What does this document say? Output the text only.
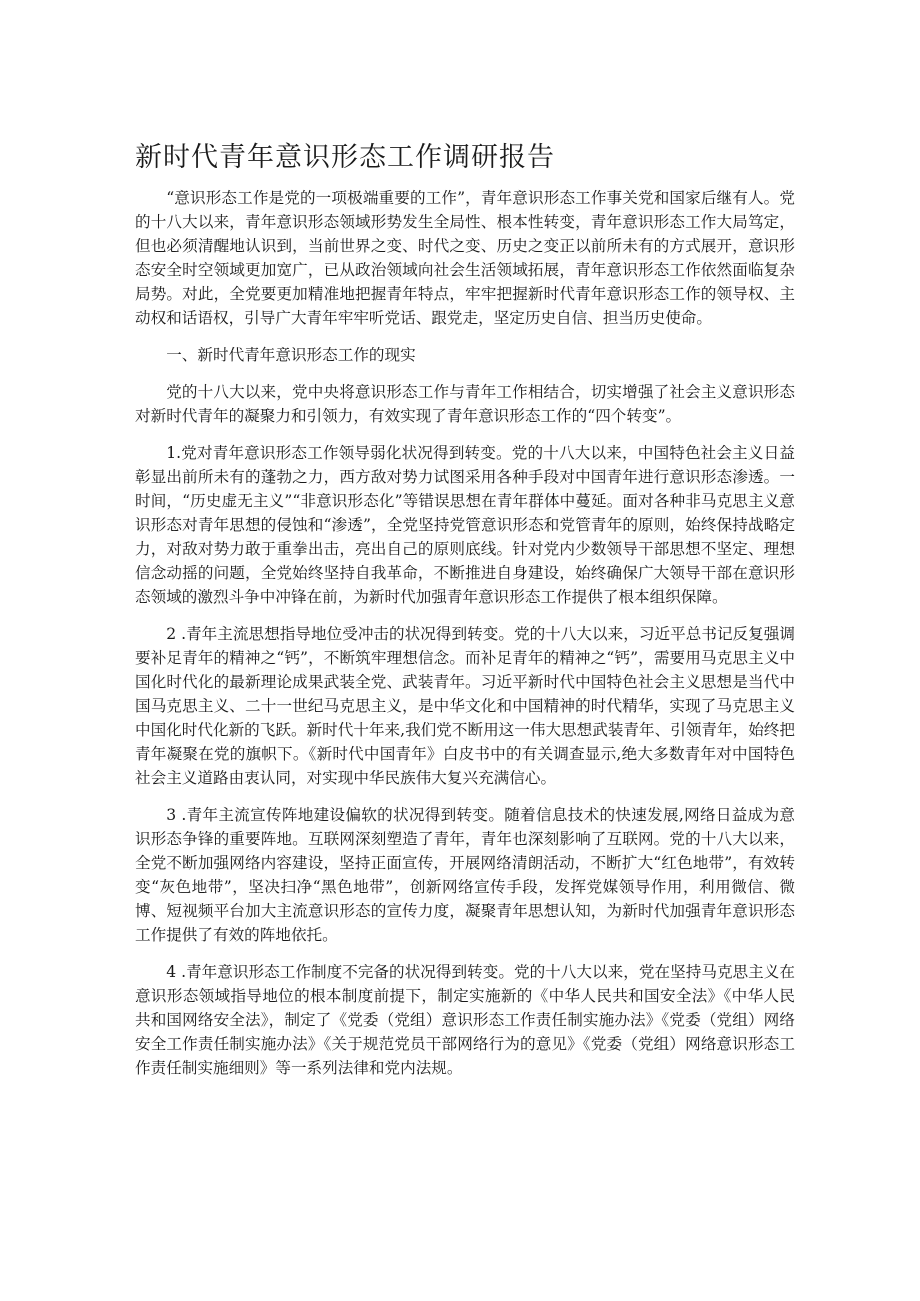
新时代青年意识形态工作调研报告

“意识形态工作是党的一项极端重要的工作”，青年意识形态工作事关党和国家后继有人。党的十八大以来，青年意识形态领域形势发生全局性、根本性转变，青年意识形态工作大局笃定，但也必须清醒地认识到，当前世界之变、时代之变、历史之变正以前所未有的方式展开，意识形态安全时空领域更加宽广，已从政治领域向社会生活领域拓展，青年意识形态工作依然面临复杂局势。对此，全党要更加精准地把握青年特点，牢牢把握新时代青年意识形态工作的领导权、主动权和话语权，引导广大青年牢牢听党话、跟党走，坚定历史自信、担当历史使命。

一、新时代青年意识形态工作的现实

党的十八大以来，党中央将意识形态工作与青年工作相结合，切实增强了社会主义意识形态对新时代青年的凝聚力和引领力，有效实现了青年意识形态工作的“四个转变”。

1.党对青年意识形态工作领导弱化状况得到转变。党的十八大以来，中国特色社会主义日益彰显出前所未有的蓬勃之力，西方敌对势力试图采用各种手段对中国青年进行意识形态渗透。一时间，“历史虚无主义”“非意识形态化”等错误思想在青年群体中蔓延。面对各种非马克思主义意识形态对青年思想的侵蚀和“渗透”，全党坚持党管意识形态和党管青年的原则，始终保持战略定力，对敌对势力敢于重拳出击，亮出自己的原则底线。针对党内少数领导干部思想不坚定、理想信念动摇的问题，全党始终坚持自我革命，不断推进自身建设，始终确保广大领导干部在意识形态领域的激烈斗争中冲锋在前，为新时代加强青年意识形态工作提供了根本组织保障。

2 .青年主流思想指导地位受冲击的状况得到转变。党的十八大以来，习近平总书记反复强调要补足青年的精神之“钙”，不断筑牢理想信念。而补足青年的精神之“钙”，需要用马克思主义中国化时代化的最新理论成果武装全党、武装青年。习近平新时代中国特色社会主义思想是当代中国马克思主义、二十一世纪马克思主义，是中华文化和中国精神的时代精华，实现了马克思主义中国化时代化新的飞跃。新时代十年来,我们党不断用这一伟大思想武装青年、引领青年，始终把青年凝聚在党的旗帜下。《新时代中国青年》白皮书中的有关调查显示,绝大多数青年对中国特色社会主义道路由衷认同，对实现中华民族伟大复兴充满信心。

3 .青年主流宣传阵地建设偏软的状况得到转变。随着信息技术的快速发展,网络日益成为意识形态争锋的重要阵地。互联网深刻塑造了青年，青年也深刻影响了互联网。党的十八大以来，全党不断加强网络内容建设，坚持正面宣传，开展网络清朗活动，不断扩大“红色地带”，有效转变“灰色地带”，坚决扫净“黑色地带”，创新网络宣传手段，发挥党媒领导作用，利用微信、微博、短视频平台加大主流意识形态的宣传力度，凝聚青年思想认知，为新时代加强青年意识形态工作提供了有效的阵地依托。

4 .青年意识形态工作制度不完备的状况得到转变。党的十八大以来，党在坚持马克思主义在意识形态领域指导地位的根本制度前提下，制定实施新的《中华人民共和国安全法》《中华人民共和国网络安全法》，制定了《党委（党组）意识形态工作责任制实施办法》《党委（党组）网络安全工作责任制实施办法》《关于规范党员干部网络行为的意见》《党委（党组）网络意识形态工作责任制实施细则》等一系列法律和党内法规。
